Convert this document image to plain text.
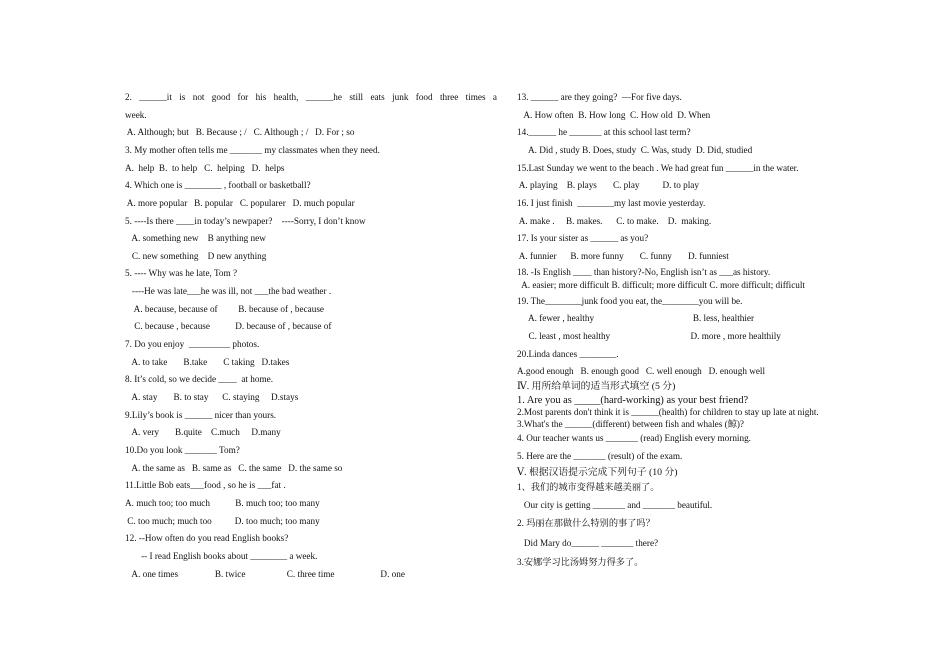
2. ______it is not good for his health, ______he still eats junk food three times a
week.
A. Although; but   B. Because ; /   C. Although ; /   D. For ; so
3. My mother often tells me _______ my classmates when they need.
A.  help  B.  to help   C.  helping   D.  helps
4. Which one is ________ , football or basketball?
A. more popular   B. popular   C. popularer   D. much popular
5. ----Is there ____in today’s newpaper?    ----Sorry, I don’t know
A. something new    B anything new
C. new something    D new anything
5. ---- Why was he late, Tom ?
----He was late___he was ill, not ___the bad weather .
A. because, because of         B. because of , because
C. because , because           D. because of , because of
7. Do you enjoy  _________ photos.
A. to take       B.take       C taking   D.takes
8. It’s cold, so we decide ____  at home.
A. stay       B. to stay      C. staying     D.stays
9.Lily’s book is ______ nicer than yours.
A. very       B.quite    C.much     D.many
10.Do you look _______ Tom?
A. the same as   B. same as   C. the same   D. the same so
11.Little Bob eats___food , so he is ___fat .
A. much too; too much           B. much too; too many
C. too much; much too          D. too much; too many
12. --How often do you read English books?
-- I read English books about ________ a week.
A. one times                B. twice                  C. three time                    D. one
13. ______ are they going?  —For five days.
A. How often  B. How long  C. How old  D. When
14.______ he _______ at this school last term?
A. Did , study B. Does, study  C. Was, study  D. Did, studied
15.Last Sunday we went to the beach . We had great fun ______in the water.
A. playing    B. plays       C. play          D. to play
16. I just finish  ________my last movie yesterday.
A. make .     B. makes.      C. to make.    D.  making.
17. Is your sister as ______ as you?
A. funnier      B. more funny       C. funny       D. funniest
18. -Is English ____ than history?-No, English isn’t as ___as history.
A. easier; more difficult B. difficult; more difficult C. more difficult; difficult
19. The________junk food you eat, the________you will be.
A. fewer , healthy                                           B. less, healthier
C. least , most healthy                                   D. more , more healthily
20.Linda dances ________.
A.good enough   B. enough good   C. well enough   D. enough well
Ⅳ. 用所给单词的适当形式填空 (5 分)
1. Are you as _____(hard-working) as your best friend?
2.Most parents don't think it is ______(health) for children to stay up late at night.
3.What's the ______(different) between fish and whales (鲸)?
4. Our teacher wants us _______ (read) English every morning.
5. Here are the _______ (result) of the exam.
Ⅴ. 根据汉语提示完成下列句子 (10 分)
1、我们的城市变得越来越美丽了。
Our city is getting _______ and _______ beautiful.
2. 玛丽在那做什么特别的事了吗？
Did Mary do______ _______ there?
3.安娜学习比汤姆努力得多了。
